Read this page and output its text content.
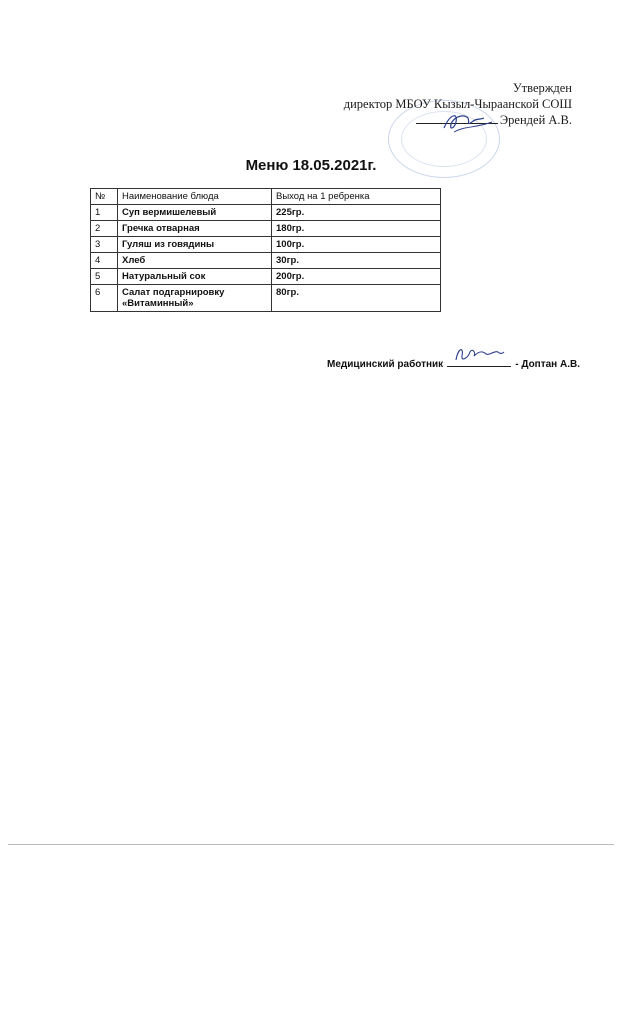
Утвержден
директор МБОУ Кызыл-Чыраанской СОШ
Эрендей А.В.
Меню 18.05.2021г.
№	Наименование блюда	Выход на 1 ребренка
1	Суп вермишелевый	225гр.
2	Гречка отварная	180гр.
3	Гуляш из говядины	100гр.
4	Хлеб	30гр.
5	Натуральный сок	200гр.
6	Салат подгарнировку «Витаминный»	80гр.
Медицинский работник	- Доптан А.В.
